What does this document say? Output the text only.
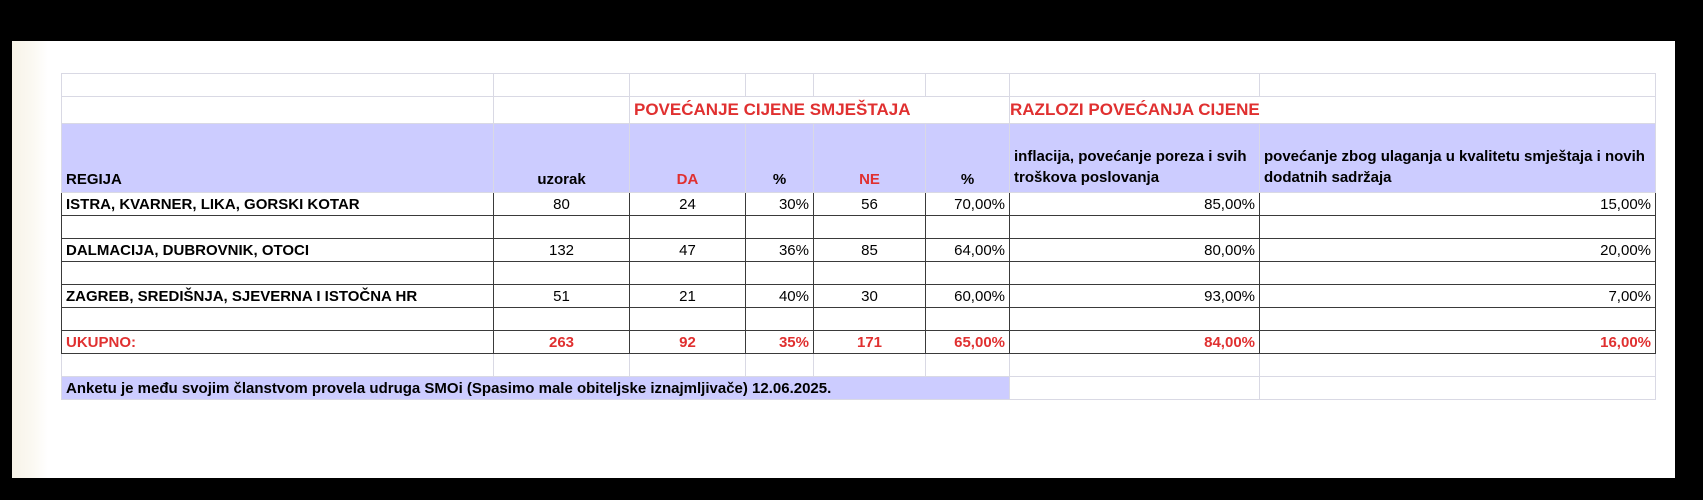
		POVEĆANJE CIJENE SMJEŠTAJA				RAZLOZI POVEĆANJA CIJENE	
REGIJA	uzorak	DA	%	NE	%	inflacija, povećanje poreza i svih troškova poslovanja	povećanje zbog ulaganja u kvalitetu smještaja i novih dodatnih sadržaja
ISTRA, KVARNER, LIKA, GORSKI KOTAR	80	24	30%	56	70,00%	85,00%	15,00%

DALMACIJA, DUBROVNIK, OTOCI	132	47	36%	85	64,00%	80,00%	20,00%

ZAGREB, SREDIŠNJA, SJEVERNA I ISTOČNA HR	51	21	40%	30	60,00%	93,00%	7,00%

UKUPNO:	263	92	35%	171	65,00%	84,00%	16,00%

Anketu je među svojim članstvom provela udruga SMOi (Spasimo male obiteljske iznajmljivače) 12.06.2025.							
